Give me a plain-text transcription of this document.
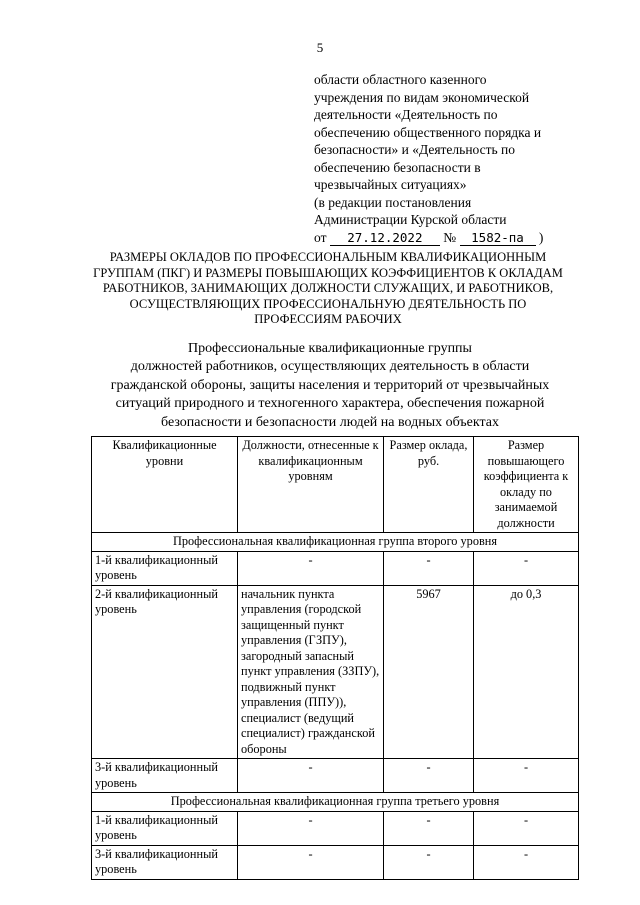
5
области областного казенного
учреждения по видам экономической
деятельности «Деятельность по
обеспечению общественного порядка и
безопасности» и «Деятельность по
обеспечению безопасности в
чрезвычайных ситуациях»
(в редакции постановления
Администрации Курской области
от 27.12.2022 № 1582-па )
РАЗМЕРЫ ОКЛАДОВ ПО ПРОФЕССИОНАЛЬНЫМ КВАЛИФИКАЦИОННЫМ
ГРУППАМ (ПКГ) И РАЗМЕРЫ ПОВЫШАЮЩИХ КОЭФФИЦИЕНТОВ К ОКЛАДАМ
РАБОТНИКОВ, ЗАНИМАЮЩИХ ДОЛЖНОСТИ СЛУЖАЩИХ, И РАБОТНИКОВ,
ОСУЩЕСТВЛЯЮЩИХ ПРОФЕССИОНАЛЬНУЮ ДЕЯТЕЛЬНОСТЬ ПО
ПРОФЕССИЯМ РАБОЧИХ
Профессиональные квалификационные группы
должностей работников, осуществляющих деятельность в области
гражданской обороны, защиты населения и территорий от чрезвычайных
ситуаций природного и техногенного характера, обеспечения пожарной
безопасности и безопасности людей на водных объектах
Квалификационные уровни	Должности, отнесенные к квалификационным уровням	Размер оклада, руб.	Размер повышающего коэффициента к окладу по занимаемой должности
Профессиональная квалификационная группа второго уровня			
1-й квалификационный уровень	-	-	-
2-й квалификационный уровень	начальник пункта управления (городской защищенный пункт управления (ГЗПУ), загородный запасный пункт управления (ЗЗПУ), подвижный пункт управления (ППУ)), специалист (ведущий специалист) гражданской обороны	5967	до 0,3
3-й квалификационный уровень	-	-	-
Профессиональная квалификационная группа третьего уровня			
1-й квалификационный уровень	-	-	-
3-й квалификационный уровень	-	-	-
